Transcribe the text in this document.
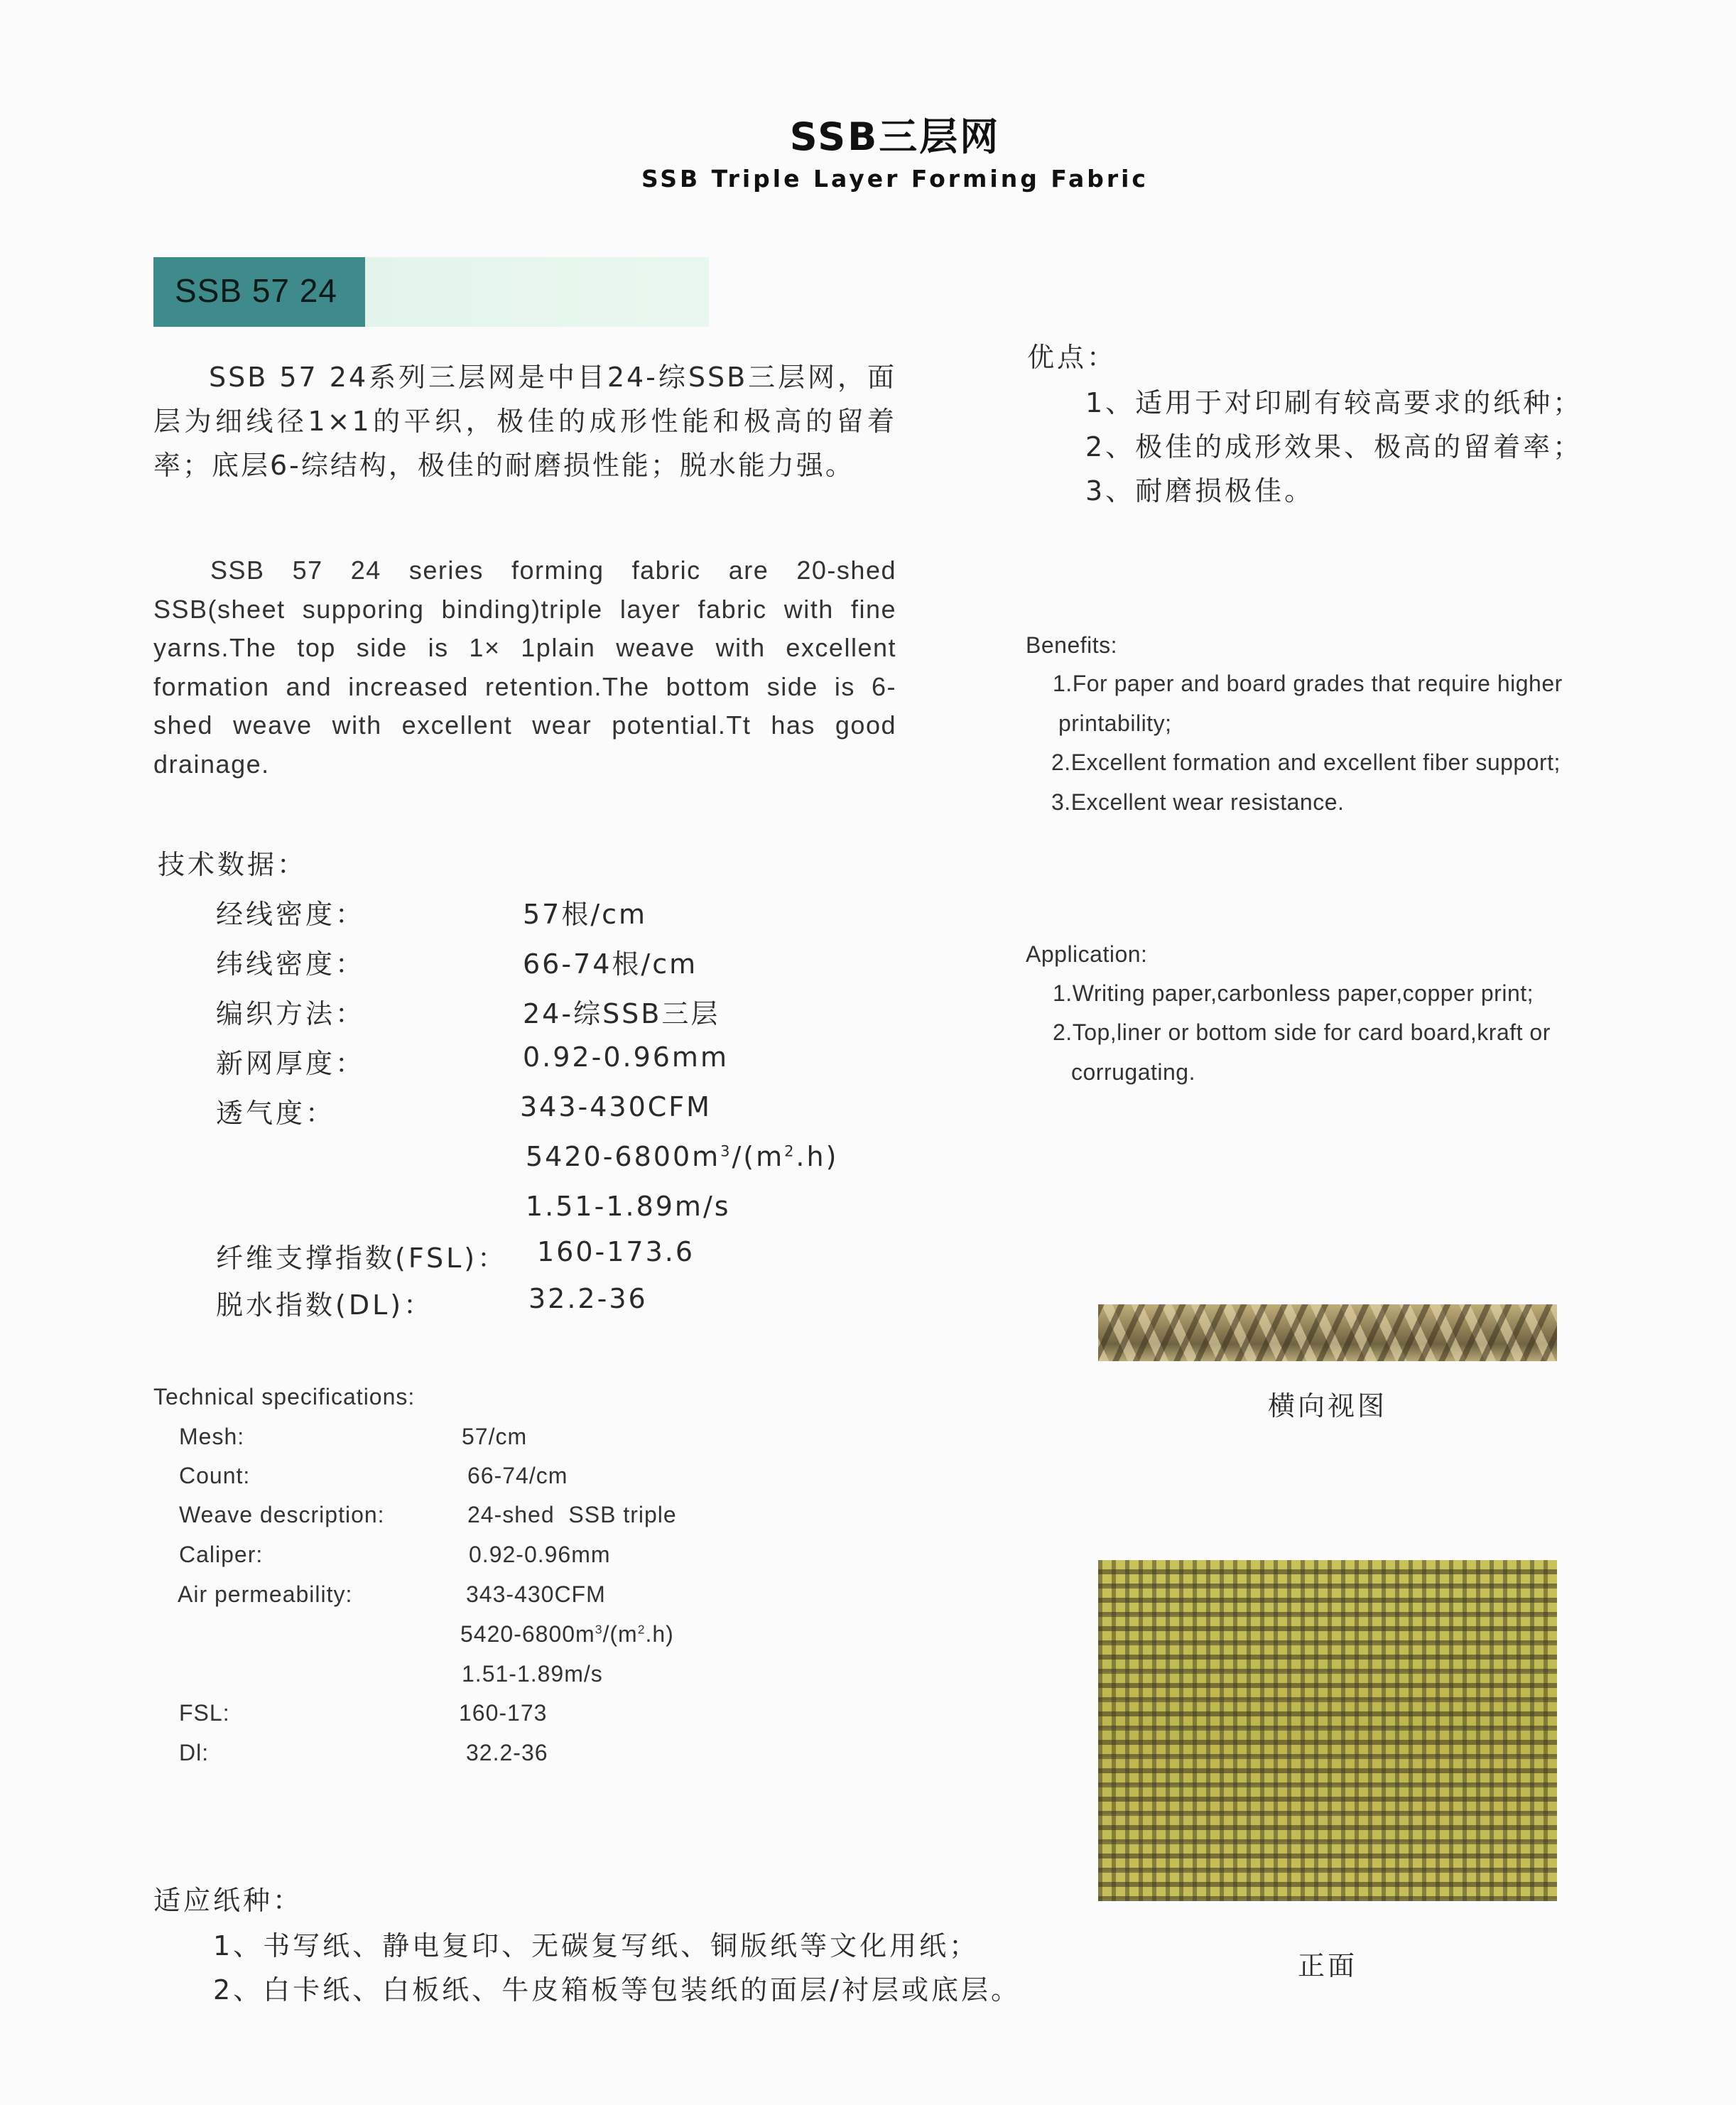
SSB三层网
SSB Triple Layer Forming Fabric
SSB 57 24

SSB 57 24系列三层网是中目24-综SSB三层网，面层为细线径1×1的平织，极佳的成形性能和极高的留着率；底层6-综结构，极佳的耐磨损性能；脱水能力强。

SSB 57 24 series forming fabric are 20-shed SSB(sheet supporing binding)triple layer fabric with fine yarns.The top side is 1× 1plain weave with excellent formation and increased retention.The bottom side is 6-shed weave with excellent wear potential.Tt has good drainage.

技术数据：
经线密度：	57根/cm
纬线密度：	66-74根/cm
编织方法：	24-综SSB三层
新网厚度：	0.92-0.96mm
透气度：	343-430CFM
$5420-6800m^3/(m^2.h)$
1.51-1.89m/s
纤维支撑指数(FSL)： 160-173.6
脱水指数(DL)：	32.2-36
Technical specifications:
Mesh:	57/cm
Count:	66-74/cm
Weave description:	24-shed  SSB triple
Caliper:	0.92-0.96mm
Air permeability:	343-430CFM
$5420-6800m^3/(m^2.h)$
1.51-1.89m/s
FSL:	160-173
Dl:	32.2-36
适应纸种：
1、书写纸、静电复印、无碳复写纸、铜版纸等文化用纸；
2、白卡纸、白板纸、牛皮箱板等包装纸的面层/衬层或底层。
优点：
1、适用于对印刷有较高要求的纸种；
2、极佳的成形效果、极高的留着率；
3、耐磨损极佳。
Benefits:
1.For paper and board grades that require higher
printability;
2.Excellent formation and excellent fiber support;
3.Excellent wear resistance.
Application:
1.Writing paper,carbonless paper,copper print;
2.Top,liner or bottom side for card board,kraft or
corrugating.
横向视图
正面
